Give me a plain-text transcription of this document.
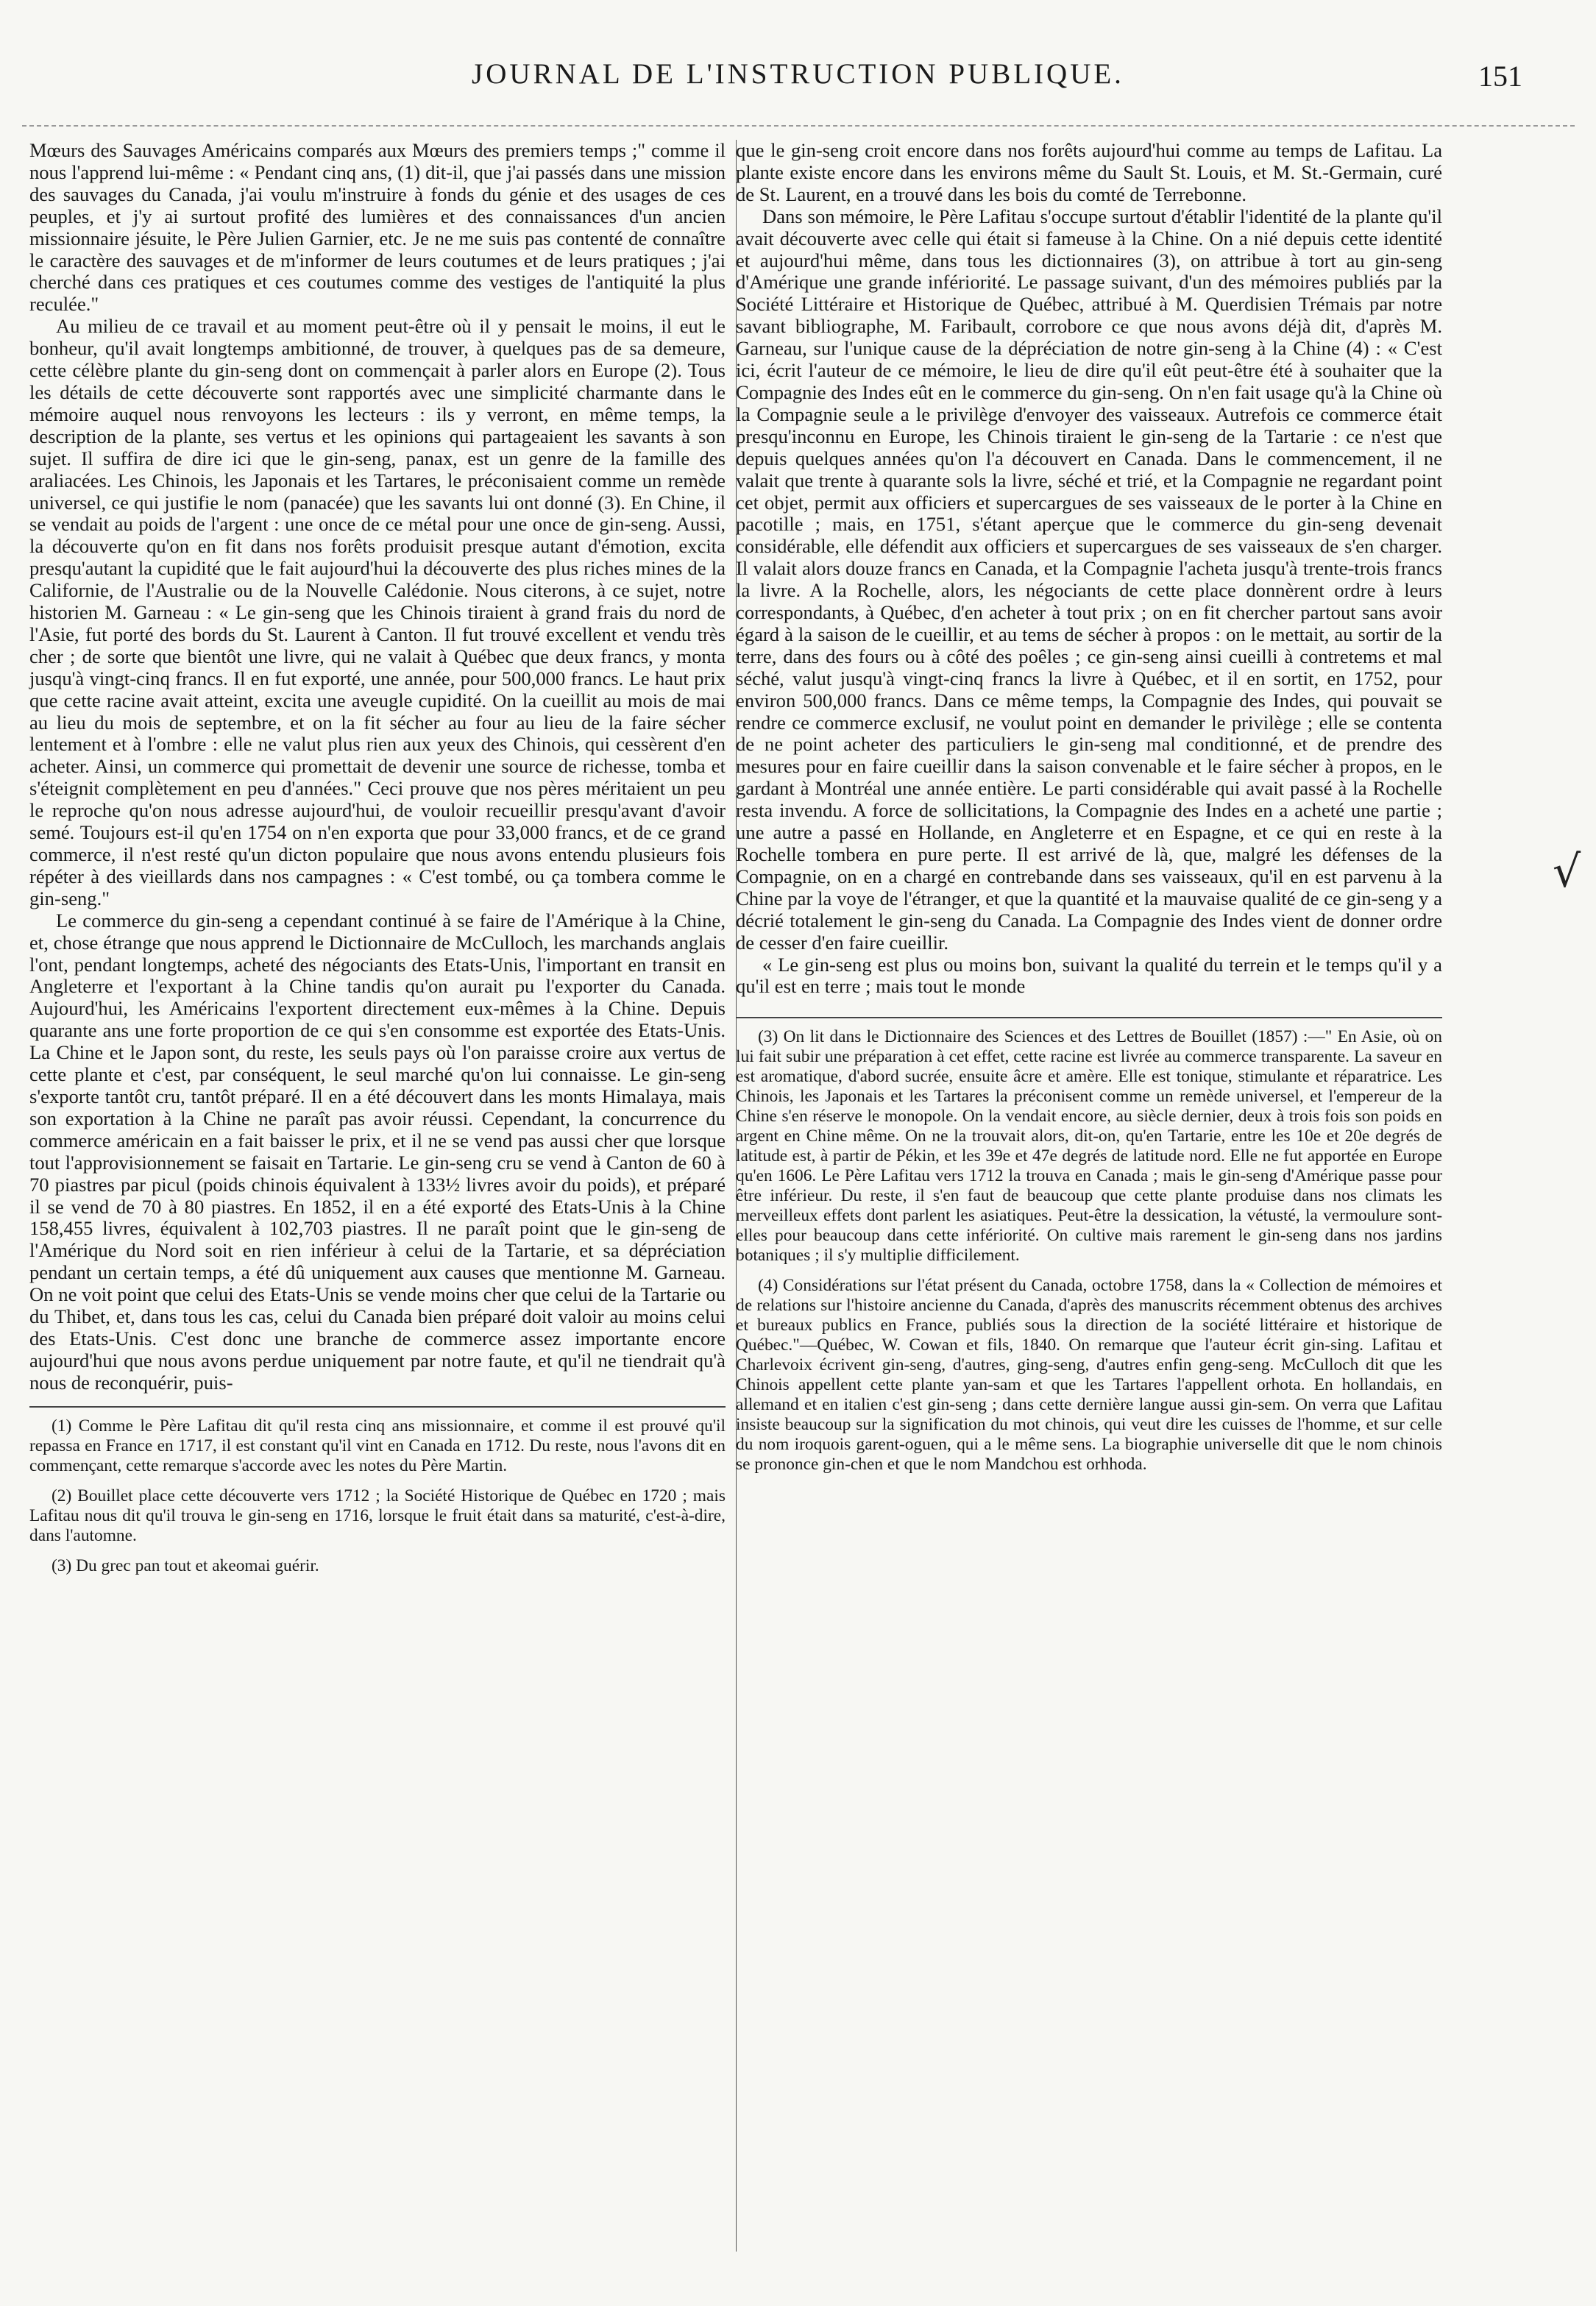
JOURNAL DE L'INSTRUCTION PUBLIQUE.	151

Mœurs des Sauvages Américains comparés aux Mœurs des premiers temps ;" comme il nous l'apprend lui-même : « Pendant cinq ans, (1) dit-il, que j'ai passés dans une mission des sauvages du Canada, j'ai voulu m'instruire à fonds du génie et des usages de ces peuples, et j'y ai surtout profité des lumières et des connaissances d'un ancien missionnaire jésuite, le Père Julien Garnier, etc. Je ne me suis pas contenté de connaître le caractère des sauvages et de m'informer de leurs coutumes et de leurs pratiques ; j'ai cherché dans ces pratiques et ces coutumes comme des vestiges de l'antiquité la plus reculée."

Au milieu de ce travail et au moment peut-être où il y pensait le moins, il eut le bonheur, qu'il avait longtemps ambitionné, de trouver, à quelques pas de sa demeure, cette célèbre plante du gin-seng dont on commençait à parler alors en Europe (2). Tous les détails de cette découverte sont rapportés avec une simplicité charmante dans le mémoire auquel nous renvoyons les lecteurs : ils y verront, en même temps, la description de la plante, ses vertus et les opinions qui partageaient les savants à son sujet. Il suffira de dire ici que le gin-seng, panax, est un genre de la famille des araliacées. Les Chinois, les Japonais et les Tartares, le préconisaient comme un remède universel, ce qui justifie le nom (panacée) que les savants lui ont donné (3). En Chine, il se vendait au poids de l'argent : une once de ce métal pour une once de gin-seng. Aussi, la découverte qu'on en fit dans nos forêts produisit presque autant d'émotion, excita presqu'autant la cupidité que le fait aujourd'hui la découverte des plus riches mines de la Californie, de l'Australie ou de la Nouvelle Calédonie. Nous citerons, à ce sujet, notre historien M. Garneau : « Le gin-seng que les Chinois tiraient à grand frais du nord de l'Asie, fut porté des bords du St. Laurent à Canton. Il fut trouvé excellent et vendu très cher ; de sorte que bientôt une livre, qui ne valait à Québec que deux francs, y monta jusqu'à vingt-cinq francs. Il en fut exporté, une année, pour 500,000 francs. Le haut prix que cette racine avait atteint, excita une aveugle cupidité. On la cueillit au mois de mai au lieu du mois de septembre, et on la fit sécher au four au lieu de la faire sécher lentement et à l'ombre : elle ne valut plus rien aux yeux des Chinois, qui cessèrent d'en acheter. Ainsi, un commerce qui promettait de devenir une source de richesse, tomba et s'éteignit complètement en peu d'années." Ceci prouve que nos pères méritaient un peu le reproche qu'on nous adresse aujourd'hui, de vouloir recueillir presqu'avant d'avoir semé. Toujours est-il qu'en 1754 on n'en exporta que pour 33,000 francs, et de ce grand commerce, il n'est resté qu'un dicton populaire que nous avons entendu plusieurs fois répéter à des vieillards dans nos campagnes : « C'est tombé, ou ça tombera comme le gin-seng."

Le commerce du gin-seng a cependant continué à se faire de l'Amérique à la Chine, et, chose étrange que nous apprend le Dictionnaire de McCulloch, les marchands anglais l'ont, pendant longtemps, acheté des négociants des Etats-Unis, l'important en transit en Angleterre et l'exportant à la Chine tandis qu'on aurait pu l'exporter du Canada. Aujourd'hui, les Américains l'exportent directement eux-mêmes à la Chine. Depuis quarante ans une forte proportion de ce qui s'en consomme est exportée des Etats-Unis. La Chine et le Japon sont, du reste, les seuls pays où l'on paraisse croire aux vertus de cette plante et c'est, par conséquent, le seul marché qu'on lui connaisse. Le gin-seng s'exporte tantôt cru, tantôt préparé. Il en a été découvert dans les monts Himalaya, mais son exportation à la Chine ne paraît pas avoir réussi. Cependant, la concurrence du commerce américain en a fait baisser le prix, et il ne se vend pas aussi cher que lorsque tout l'approvisionnement se faisait en Tartarie. Le gin-seng cru se vend à Canton de 60 à 70 piastres par picul (poids chinois équivalent à 133½ livres avoir du poids), et préparé il se vend de 70 à 80 piastres. En 1852, il en a été exporté des Etats-Unis à la Chine 158,455 livres, équivalent à 102,703 piastres. Il ne paraît point que le gin-seng de l'Amérique du Nord soit en rien inférieur à celui de la Tartarie, et sa dépréciation pendant un certain temps, a été dû uniquement aux causes que mentionne M. Garneau. On ne voit point que celui des Etats-Unis se vende moins cher que celui de la Tartarie ou du Thibet, et, dans tous les cas, celui du Canada bien préparé doit valoir au moins celui des Etats-Unis. C'est donc une branche de commerce assez importante encore aujourd'hui que nous avons perdue uniquement par notre faute, et qu'il ne tiendrait qu'à nous de reconquérir, puis-

(1) Comme le Père Lafitau dit qu'il resta cinq ans missionnaire, et comme il est prouvé qu'il repassa en France en 1717, il est constant qu'il vint en Canada en 1712. Du reste, nous l'avons dit en commençant, cette remarque s'accorde avec les notes du Père Martin.

(2) Bouillet place cette découverte vers 1712 ; la Société Historique de Québec en 1720 ; mais Lafitau nous dit qu'il trouva le gin-seng en 1716, lorsque le fruit était dans sa maturité, c'est-à-dire, dans l'automne.

(3) Du grec pan tout et akeomai guérir.

que le gin-seng croit encore dans nos forêts aujourd'hui comme au temps de Lafitau. La plante existe encore dans les environs même du Sault St. Louis, et M. St.-Germain, curé de St. Laurent, en a trouvé dans les bois du comté de Terrebonne.

Dans son mémoire, le Père Lafitau s'occupe surtout d'établir l'identité de la plante qu'il avait découverte avec celle qui était si fameuse à la Chine. On a nié depuis cette identité et aujourd'hui même, dans tous les dictionnaires (3), on attribue à tort au gin-seng d'Amérique une grande infériorité. Le passage suivant, d'un des mémoires publiés par la Société Littéraire et Historique de Québec, attribué à M. Querdisien Trémais par notre savant bibliographe, M. Faribault, corrobore ce que nous avons déjà dit, d'après M. Garneau, sur l'unique cause de la dépréciation de notre gin-seng à la Chine (4) : « C'est ici, écrit l'auteur de ce mémoire, le lieu de dire qu'il eût peut-être été à souhaiter que la Compagnie des Indes eût en le commerce du gin-seng. On n'en fait usage qu'à la Chine où la Compagnie seule a le privilège d'envoyer des vaisseaux. Autrefois ce commerce était presqu'inconnu en Europe, les Chinois tiraient le gin-seng de la Tartarie : ce n'est que depuis quelques années qu'on l'a découvert en Canada. Dans le commencement, il ne valait que trente à quarante sols la livre, séché et trié, et la Compagnie ne regardant point cet objet, permit aux officiers et supercargues de ses vaisseaux de le porter à la Chine en pacotille ; mais, en 1751, s'étant aperçue que le commerce du gin-seng devenait considérable, elle défendit aux officiers et supercargues de ses vaisseaux de s'en charger. Il valait alors douze francs en Canada, et la Compagnie l'acheta jusqu'à trente-trois francs la livre. A la Rochelle, alors, les négociants de cette place donnèrent ordre à leurs correspondants, à Québec, d'en acheter à tout prix ; on en fit chercher partout sans avoir égard à la saison de le cueillir, et au tems de sécher à propos : on le mettait, au sortir de la terre, dans des fours ou à côté des poêles ; ce gin-seng ainsi cueilli à contretems et mal séché, valut jusqu'à vingt-cinq francs la livre à Québec, et il en sortit, en 1752, pour environ 500,000 francs. Dans ce même temps, la Compagnie des Indes, qui pouvait se rendre ce commerce exclusif, ne voulut point en demander le privilège ; elle se contenta de ne point acheter des particuliers le gin-seng mal conditionné, et de prendre des mesures pour en faire cueillir dans la saison convenable et le faire sécher à propos, en le gardant à Montréal une année entière. Le parti considérable qui avait passé à la Rochelle resta invendu. A force de sollicitations, la Compagnie des Indes en a acheté une partie ; une autre a passé en Hollande, en Angleterre et en Espagne, et ce qui en reste à la Rochelle tombera en pure perte. Il est arrivé de là, que, malgré les défenses de la Compagnie, on en a chargé en contrebande dans ses vaisseaux, qu'il en est parvenu à la Chine par la voye de l'étranger, et que la quantité et la mauvaise qualité de ce gin-seng y a décrié totalement le gin-seng du Canada. La Compagnie des Indes vient de donner ordre de cesser d'en faire cueillir.

« Le gin-seng est plus ou moins bon, suivant la qualité du terrein et le temps qu'il y a qu'il est en terre ; mais tout le monde

(3) On lit dans le Dictionnaire des Sciences et des Lettres de Bouillet (1857) :—" En Asie, où on lui fait subir une préparation à cet effet, cette racine est livrée au commerce transparente. La saveur en est aromatique, d'abord sucrée, ensuite âcre et amère. Elle est tonique, stimulante et réparatrice. Les Chinois, les Japonais et les Tartares la préconisent comme un remède universel, et l'empereur de la Chine s'en réserve le monopole. On la vendait encore, au siècle dernier, deux à trois fois son poids en argent en Chine même. On ne la trouvait alors, dit-on, qu'en Tartarie, entre les 10e et 20e degrés de latitude est, à partir de Pékin, et les 39e et 47e degrés de latitude nord. Elle ne fut apportée en Europe qu'en 1606. Le Père Lafitau vers 1712 la trouva en Canada ; mais le gin-seng d'Amérique passe pour être inférieur. Du reste, il s'en faut de beaucoup que cette plante produise dans nos climats les merveilleux effets dont parlent les asiatiques. Peut-être la dessication, la vétusté, la vermoulure sont-elles pour beaucoup dans cette infériorité. On cultive mais rarement le gin-seng dans nos jardins botaniques ; il s'y multiplie difficilement.

(4) Considérations sur l'état présent du Canada, octobre 1758, dans la « Collection de mémoires et de relations sur l'histoire ancienne du Canada, d'après des manuscrits récemment obtenus des archives et bureaux publics en France, publiés sous la direction de la société littéraire et historique de Québec."—Québec, W. Cowan et fils, 1840. On remarque que l'auteur écrit gin-sing. Lafitau et Charlevoix écrivent gin-seng, d'autres, ging-seng, d'autres enfin geng-seng. McCulloch dit que les Chinois appellent cette plante yan-sam et que les Tartares l'appellent orhota. En hollandais, en allemand et en italien c'est gin-seng ; dans cette dernière langue aussi gin-sem. On verra que Lafitau insiste beaucoup sur la signification du mot chinois, qui veut dire les cuisses de l'homme, et sur celle du nom iroquois garent-oguen, qui a le même sens. La biographie universelle dit que le nom chinois se prononce gin-chen et que le nom Mandchou est orhhoda.

√
